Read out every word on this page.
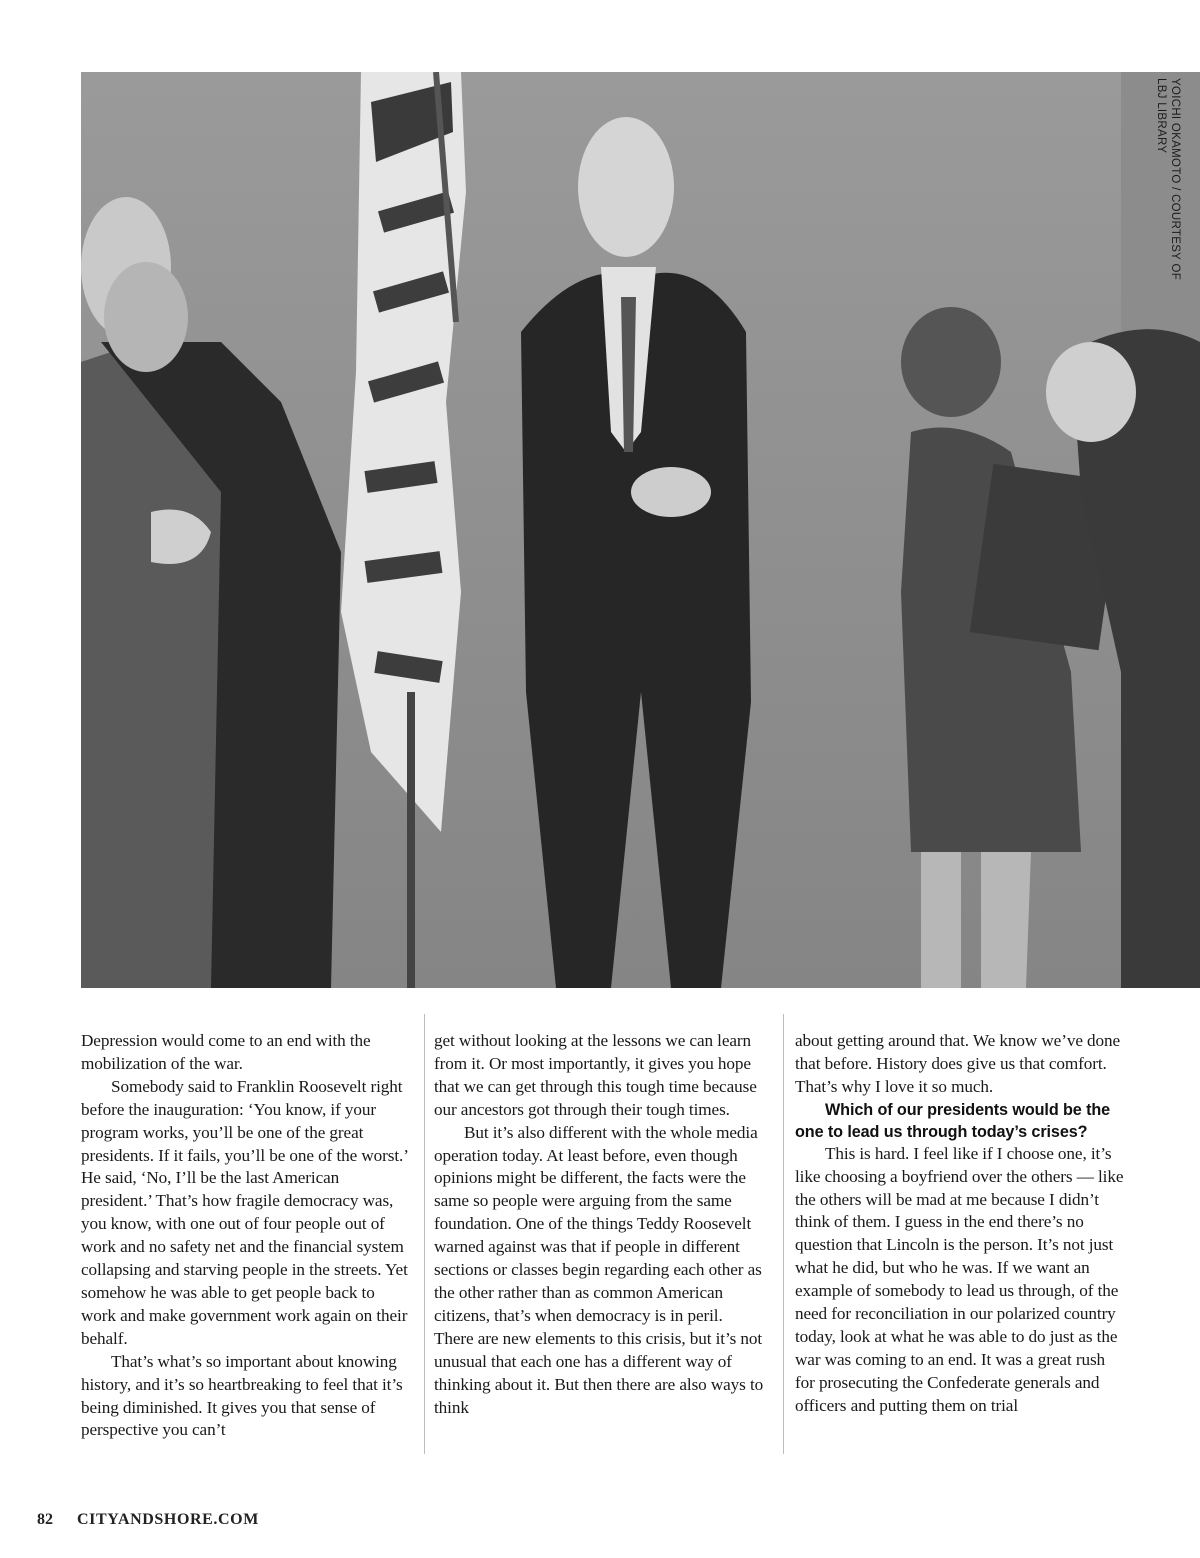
YOICHI OKAMOTO / COURTESY OF
LBJ LIBRARY

Depression would come to an end with the mobilization of the war.

Somebody said to Franklin Roosevelt right before the inauguration: ‘You know, if your program works, you’ll be one of the great presidents. If it fails, you’ll be one of the worst.’ He said, ‘No, I’ll be the last American president.’ That’s how fragile democracy was, you know, with one out of four people out of work and no safety net and the financial system collapsing and starving people in the streets. Yet somehow he was able to get people back to work and make government work again on their behalf.

That’s what’s so important about knowing history, and it’s so heartbreaking to feel that it’s being diminished. It gives you that sense of perspective you can’t

get without looking at the lessons we can learn from it. Or most importantly, it gives you hope that we can get through this tough time because our ancestors got through their tough times.

But it’s also different with the whole media operation today. At least before, even though opinions might be different, the facts were the same so people were arguing from the same foundation. One of the things Teddy Roosevelt warned against was that if people in different sections or classes begin regarding each other as the other rather than as common American citizens, that’s when democracy is in peril. There are new elements to this crisis, but it’s not unusual that each one has a different way of thinking about it. But then there are also ways to think

about getting around that. We know we’ve done that before. History does give us that comfort. That’s why I love it so much.

Which of our presidents would be the one to lead us through today’s crises?

This is hard. I feel like if I choose one, it’s like choosing a boyfriend over the others — like the others will be mad at me because I didn’t think of them. I guess in the end there’s no question that Lincoln is the person. It’s not just what he did, but who he was. If we want an example of somebody to lead us through, of the need for reconciliation in our polarized country today, look at what he was able to do just as the war was coming to an end. It was a great rush for prosecuting the Confederate generals and officers and putting them on trial

82 CITYANDSHORE.COM
